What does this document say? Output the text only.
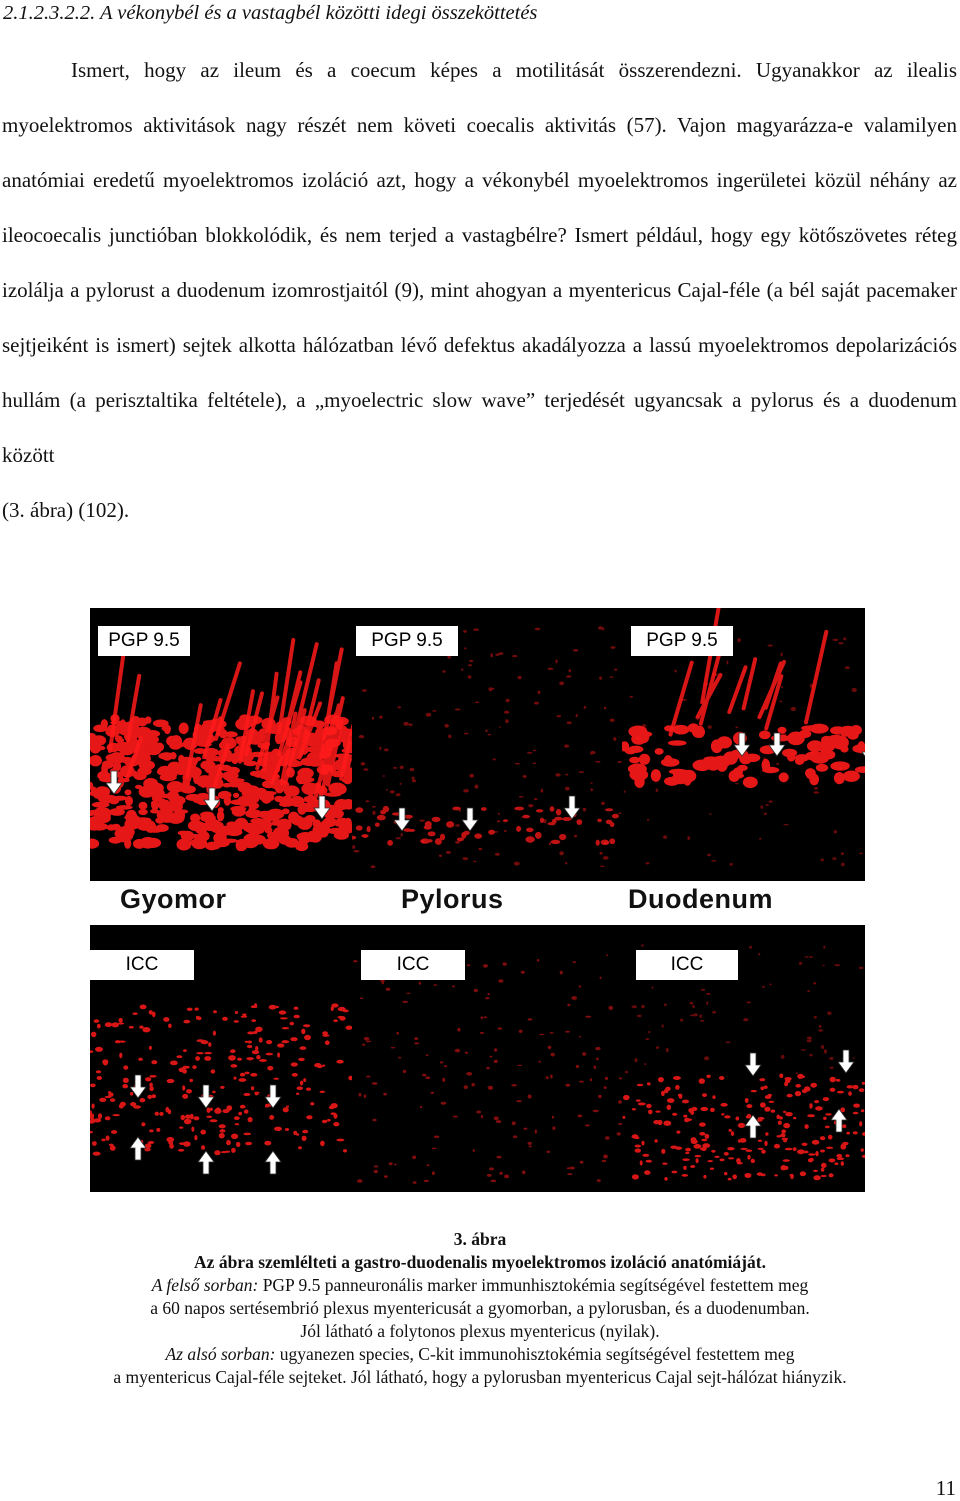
2.1.2.3.2.2. A vékonybél és a vastagbél közötti idegi összeköttetés
Ismert, hogy az ileum és a coecum képes a motilitását összerendezni. Ugyanakkor az ilealis myoelektromos aktivitások nagy részét nem követi coecalis aktivitás (57). Vajon magyarázza-e valamilyen anatómiai eredetű myoelektromos izoláció azt, hogy a vékonybél myoelektromos ingerületei közül néhány az ileocoecalis junctióban blokkolódik, és nem terjed a vastagbélre? Ismert például, hogy egy kötőszövetes réteg izolálja a pylorust a duodenum izomrostjaitól (9), mint ahogyan a myentericus Cajal-féle (a bél saját pacemaker sejtjeiként is ismert) sejtek alkotta hálózatban lévő defektus akadályozza a lassú myoelektromos depolarizációs hullám (a perisztaltika feltétele), a „myoelectric slow wave” terjedését ugyancsak a pylorus és a duodenum között
(3. ábra) (102).
PGP 9.5	PGP 9.5	PGP 9.5
Gyomor	Pylorus	Duodenum
ICC	ICC	ICC
3. ábra
Az ábra szemlélteti a gastro-duodenalis myoelektromos izoláció anatómiáját.
A felső sorban: PGP 9.5 panneuronális marker immunhisztokémia segítségével festettem meg
a 60 napos sertésembrió plexus myentericusát a gyomorban, a pylorusban, és a duodenumban.
Jól látható a folytonos plexus myentericus (nyilak).
Az alsó sorban: ugyanezen species, C-kit immunohisztokémia segítségével festettem meg
a myentericus Cajal-féle sejteket. Jól látható, hogy a pylorusban myentericus Cajal sejt-hálózat hiányzik.
11
